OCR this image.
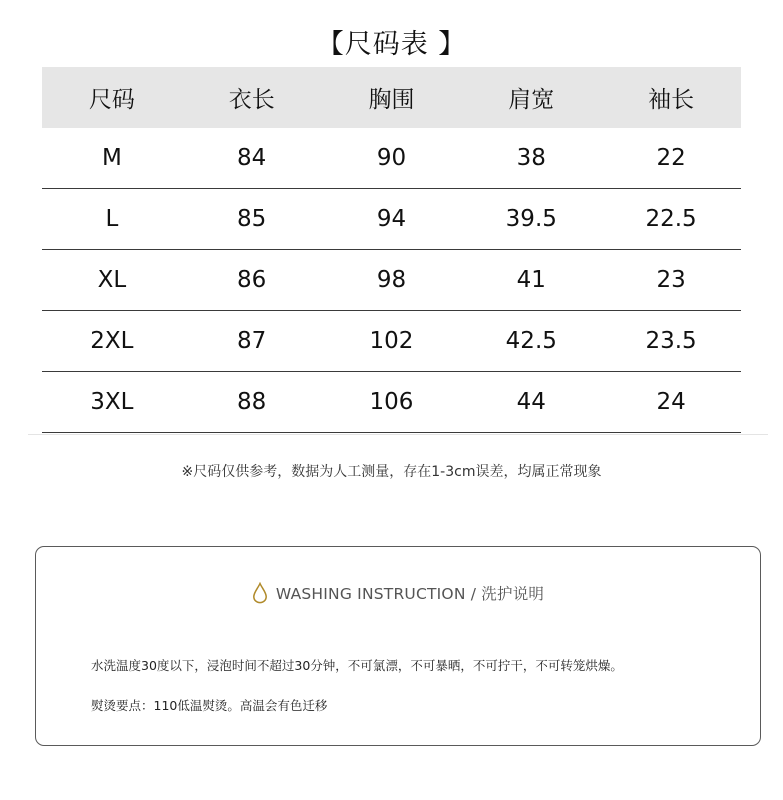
【尺码表 】
尺码	衣长	胸围	肩宽	袖长
M	84	90	38	22
L	85	94	39.5	22.5
XL	86	98	41	23
2XL	87	102	42.5	23.5
3XL	88	106	44	24
※尺码仅供参考，数据为人工测量，存在1-3cm误差，均属正常现象
WASHING INSTRUCTION / 洗护说明
水洗温度30度以下，浸泡时间不超过30分钟，不可氯漂，不可暴晒，不可拧干，不可转笼烘燥。
熨烫要点：110低温熨烫。高温会有色迁移
